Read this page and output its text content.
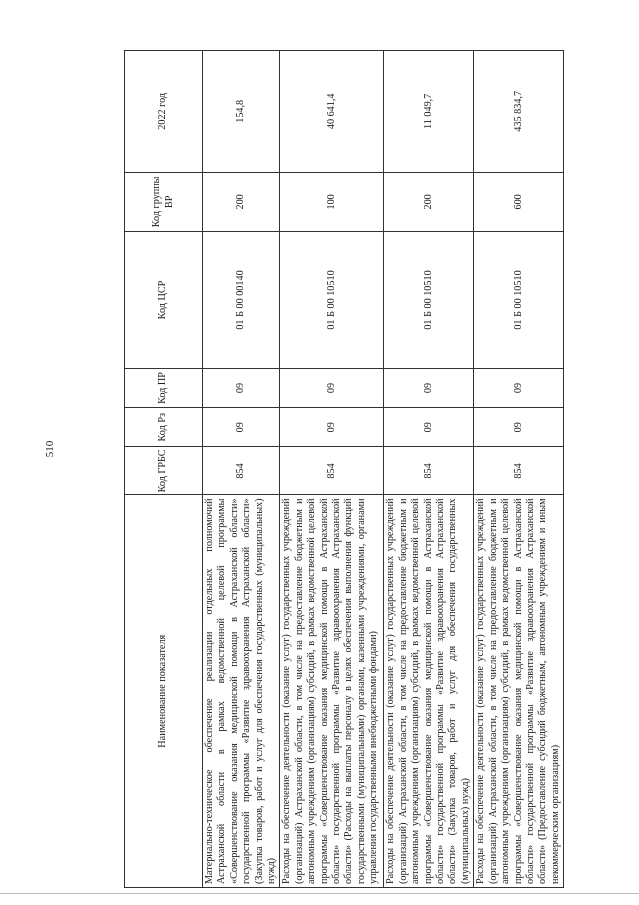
510
Наименование показателя	Код ГРБС	Код Рз	Код ПР	Код ЦСР	Код группы ВР	2022 год
Материально-техническое обеспечение реализации отдельных полномочий Астраханской области в рамках ведомственной целевой программы «Совершенствование оказания медицинской помощи в Астраханской области» государственной программы «Развитие здравоохранения Астраханской области» (Закупка товаров, работ и услуг для обеспечения государственных (муниципальных) нужд)	854	09	09	01 Б 00 00140	200	154,8
Расходы на обеспечение деятельности (оказание услуг) государственных учреждений (организаций) Астраханской области, в том числе на предоставление бюджетным и автономным учреждениям (организациям) субсидий, в рамках ведомственной целевой программы «Совершенствование оказания медицинской помощи в Астраханской области» государственной программы «Развитие здравоохранения Астраханской области» (Расходы на выплаты персоналу в целях обеспечения выполнения функций государственными (муниципальными) органами, казенными учреждениями, органами управления государственными внебюджетными фондами)	854	09	09	01 Б 00 10510	100	40 641,4
Расходы на обеспечение деятельности (оказание услуг) государственных учреждений (организаций) Астраханской области, в том числе на предоставление бюджетным и автономным учреждениям (организациям) субсидий, в рамках ведомственной целевой программы «Совершенствование оказания медицинской помощи в Астраханской области» государственной программы «Развитие здравоохранения Астраханской области» (Закупка товаров, работ и услуг для обеспечения государственных (муниципальных) нужд)	854	09	09	01 Б 00 10510	200	11 049,7
Расходы на обеспечение деятельности (оказание услуг) государственных учреждений (организаций) Астраханской области, в том числе на предоставление бюджетным и автономным учреждениям (организациям) субсидий, в рамках ведомственной целевой программы «Совершенствование оказания медицинской помощи в Астраханской области» государственной программы «Развитие здравоохранения Астраханской области» (Предоставление субсидий бюджетным, автономным учреждениям и иным некоммерческим организациям)	854	09	09	01 Б 00 10510	600	435 834,7
